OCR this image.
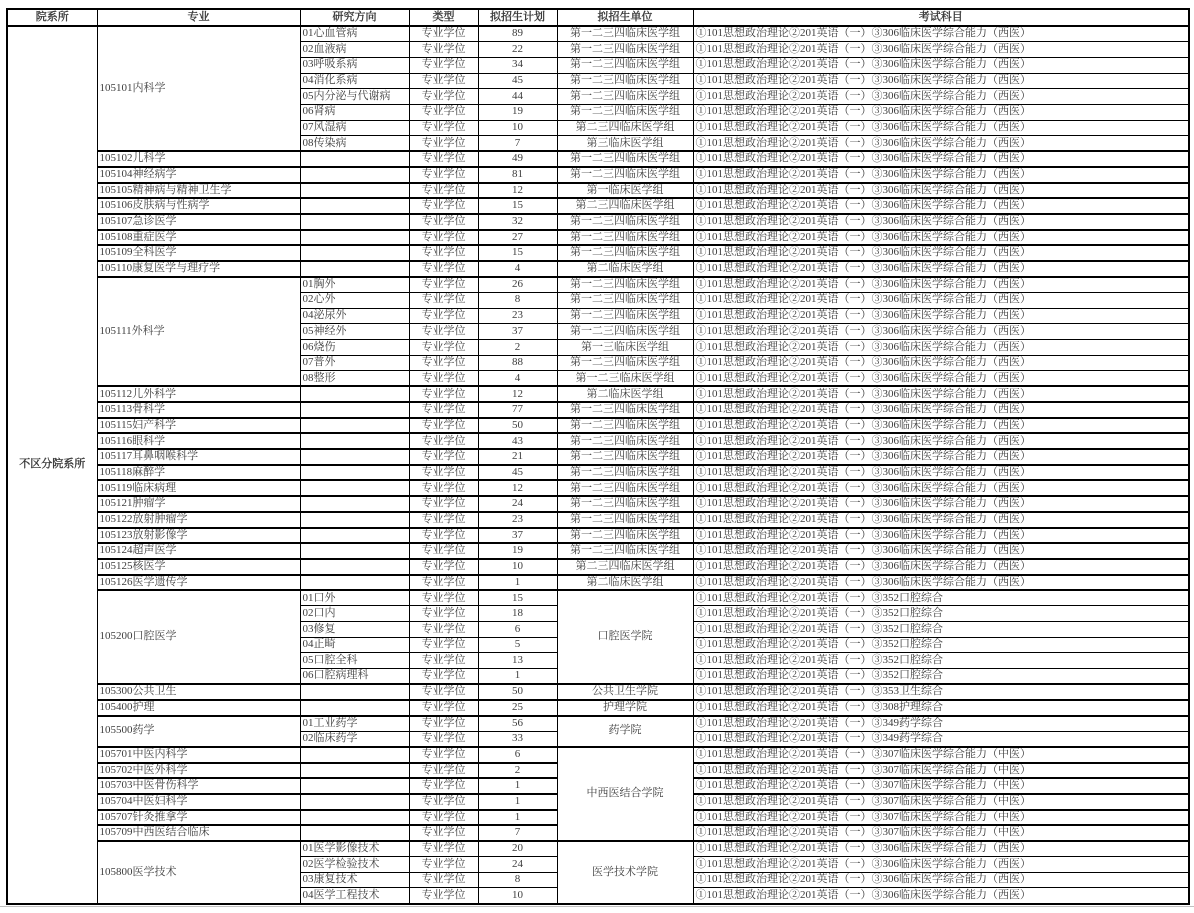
院系所	专业	研究方向	类型	拟招生计划	拟招生单位	考试科目
不区分院系所	105101内科学	01心血管病	专业学位	89	第一二三四临床医学组	①101思想政治理论②201英语（一）③306临床医学综合能力（西医）
		02血液病	专业学位	22	第一二三四临床医学组	①101思想政治理论②201英语（一）③306临床医学综合能力（西医）
		03呼吸系病	专业学位	34	第一二三四临床医学组	①101思想政治理论②201英语（一）③306临床医学综合能力（西医）
		04消化系病	专业学位	45	第一二三四临床医学组	①101思想政治理论②201英语（一）③306临床医学综合能力（西医）
		05内分泌与代谢病	专业学位	44	第一二三四临床医学组	①101思想政治理论②201英语（一）③306临床医学综合能力（西医）
		06肾病	专业学位	19	第一二三四临床医学组	①101思想政治理论②201英语（一）③306临床医学综合能力（西医）
		07风湿病	专业学位	10	第二三四临床医学组	①101思想政治理论②201英语（一）③306临床医学综合能力（西医）
		08传染病	专业学位	7	第三临床医学组	①101思想政治理论②201英语（一）③306临床医学综合能力（西医）
	105102儿科学		专业学位	49	第一二三四临床医学组	①101思想政治理论②201英语（一）③306临床医学综合能力（西医）
	105104神经病学		专业学位	81	第一二三四临床医学组	①101思想政治理论②201英语（一）③306临床医学综合能力（西医）
	105105精神病与精神卫生学		专业学位	12	第一临床医学组	①101思想政治理论②201英语（一）③306临床医学综合能力（西医）
	105106皮肤病与性病学		专业学位	15	第二三四临床医学组	①101思想政治理论②201英语（一）③306临床医学综合能力（西医）
	105107急诊医学		专业学位	32	第一二三四临床医学组	①101思想政治理论②201英语（一）③306临床医学综合能力（西医）
	105108重症医学		专业学位	27	第一二三四临床医学组	①101思想政治理论②201英语（一）③306临床医学综合能力（西医）
	105109全科医学		专业学位	15	第一二三四临床医学组	①101思想政治理论②201英语（一）③306临床医学综合能力（西医）
	105110康复医学与理疗学		专业学位	4	第二临床医学组	①101思想政治理论②201英语（一）③306临床医学综合能力（西医）
	105111外科学	01胸外	专业学位	26	第一二三四临床医学组	①101思想政治理论②201英语（一）③306临床医学综合能力（西医）
		02心外	专业学位	8	第一二三四临床医学组	①101思想政治理论②201英语（一）③306临床医学综合能力（西医）
		04泌尿外	专业学位	23	第一二三四临床医学组	①101思想政治理论②201英语（一）③306临床医学综合能力（西医）
		05神经外	专业学位	37	第一二三四临床医学组	①101思想政治理论②201英语（一）③306临床医学综合能力（西医）
		06烧伤	专业学位	2	第一三临床医学组	①101思想政治理论②201英语（一）③306临床医学综合能力（西医）
		07普外	专业学位	88	第一二三四临床医学组	①101思想政治理论②201英语（一）③306临床医学综合能力（西医）
		08整形	专业学位	4	第一二三临床医学组	①101思想政治理论②201英语（一）③306临床医学综合能力（西医）
	105112儿外科学		专业学位	12	第二临床医学组	①101思想政治理论②201英语（一）③306临床医学综合能力（西医）
	105113骨科学		专业学位	77	第一二三四临床医学组	①101思想政治理论②201英语（一）③306临床医学综合能力（西医）
	105115妇产科学		专业学位	50	第一二三四临床医学组	①101思想政治理论②201英语（一）③306临床医学综合能力（西医）
	105116眼科学		专业学位	43	第一二三四临床医学组	①101思想政治理论②201英语（一）③306临床医学综合能力（西医）
	105117耳鼻咽喉科学		专业学位	21	第一二三四临床医学组	①101思想政治理论②201英语（一）③306临床医学综合能力（西医）
	105118麻醉学		专业学位	45	第一二三四临床医学组	①101思想政治理论②201英语（一）③306临床医学综合能力（西医）
	105119临床病理		专业学位	12	第一二三四临床医学组	①101思想政治理论②201英语（一）③306临床医学综合能力（西医）
	105121肿瘤学		专业学位	24	第一二三四临床医学组	①101思想政治理论②201英语（一）③306临床医学综合能力（西医）
	105122放射肿瘤学		专业学位	23	第一二三四临床医学组	①101思想政治理论②201英语（一）③306临床医学综合能力（西医）
	105123放射影像学		专业学位	37	第一二三四临床医学组	①101思想政治理论②201英语（一）③306临床医学综合能力（西医）
	105124超声医学		专业学位	19	第一二三四临床医学组	①101思想政治理论②201英语（一）③306临床医学综合能力（西医）
	105125核医学		专业学位	10	第二三四临床医学组	①101思想政治理论②201英语（一）③306临床医学综合能力（西医）
	105126医学遗传学		专业学位	1	第二临床医学组	①101思想政治理论②201英语（一）③306临床医学综合能力（西医）
	105200口腔医学	01口外	专业学位	15	口腔医学院	①101思想政治理论②201英语（一）③352口腔综合
		02口内	专业学位	18		①101思想政治理论②201英语（一）③352口腔综合
		03修复	专业学位	6		①101思想政治理论②201英语（一）③352口腔综合
		04正畸	专业学位	5		①101思想政治理论②201英语（一）③352口腔综合
		05口腔全科	专业学位	13		①101思想政治理论②201英语（一）③352口腔综合
		06口腔病理科	专业学位	1		①101思想政治理论②201英语（一）③352口腔综合
	105300公共卫生		专业学位	50	公共卫生学院	①101思想政治理论②201英语（一）③353卫生综合
	105400护理		专业学位	25	护理学院	①101思想政治理论②201英语（一）③308护理综合
	105500药学	01工业药学	专业学位	56	药学院	①101思想政治理论②201英语（一）③349药学综合
		02临床药学	专业学位	33		①101思想政治理论②201英语（一）③349药学综合
	105701中医内科学		专业学位	6	中西医结合学院	①101思想政治理论②201英语（一）③307临床医学综合能力（中医）
	105702中医外科学		专业学位	2		①101思想政治理论②201英语（一）③307临床医学综合能力（中医）
	105703中医骨伤科学		专业学位	1		①101思想政治理论②201英语（一）③307临床医学综合能力（中医）
	105704中医妇科学		专业学位	1		①101思想政治理论②201英语（一）③307临床医学综合能力（中医）
	105707针灸推拿学		专业学位	1		①101思想政治理论②201英语（一）③307临床医学综合能力（中医）
	105709中西医结合临床		专业学位	7		①101思想政治理论②201英语（一）③307临床医学综合能力（中医）
	105800医学技术	01医学影像技术	专业学位	20	医学技术学院	①101思想政治理论②201英语（一）③306临床医学综合能力（西医）
		02医学检验技术	专业学位	24		①101思想政治理论②201英语（一）③306临床医学综合能力（西医）
		03康复技术	专业学位	8		①101思想政治理论②201英语（一）③306临床医学综合能力（西医）
		04医学工程技术	专业学位	10		①101思想政治理论②201英语（一）③306临床医学综合能力（西医）
